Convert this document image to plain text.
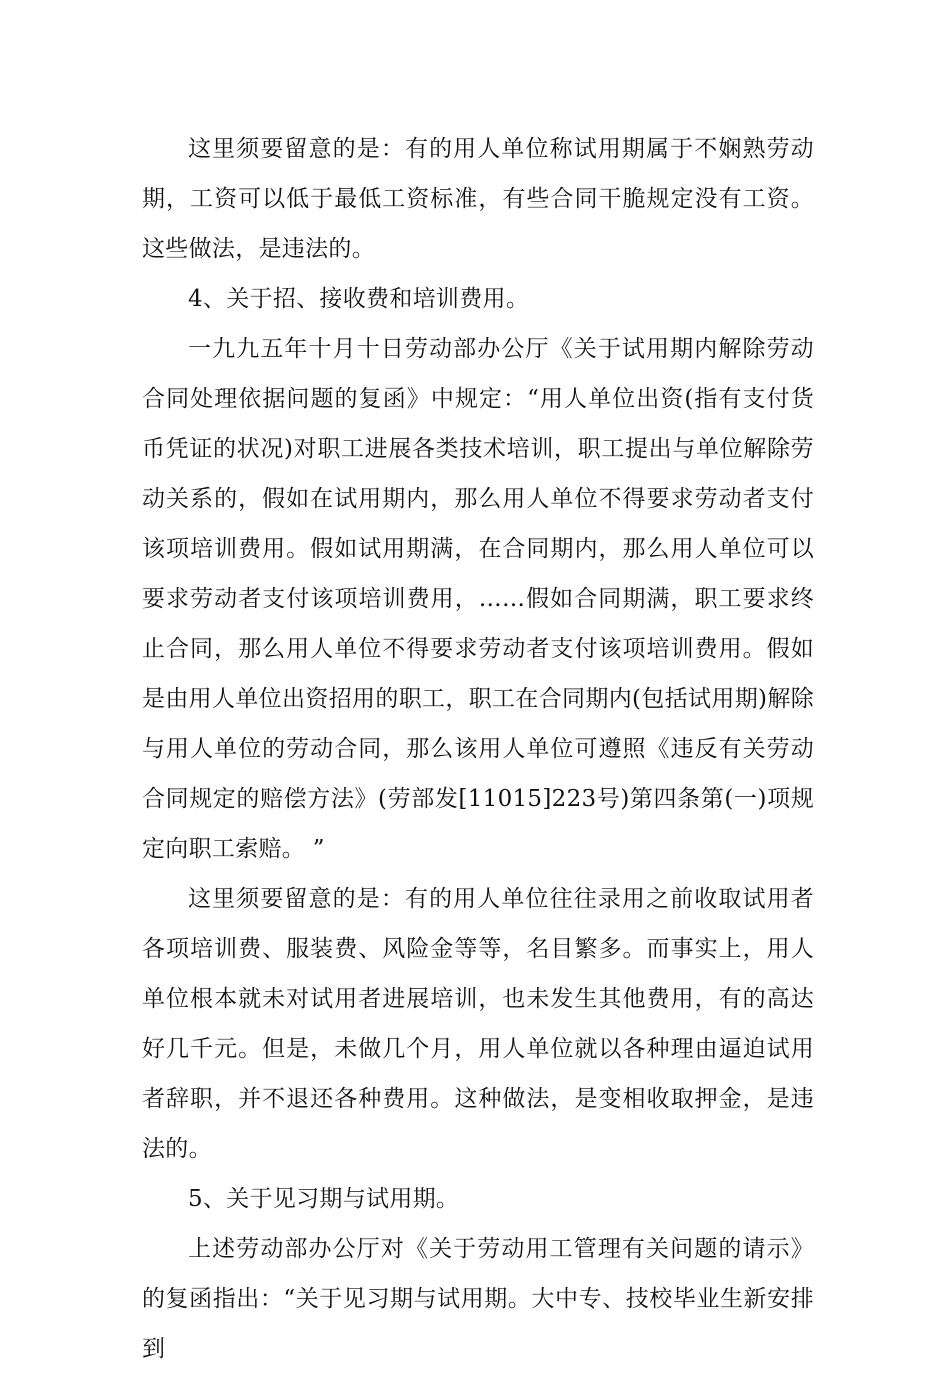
这里须要留意的是：有的用人单位称试用期属于不娴熟劳动期，工资可以低于最低工资标准，有些合同干脆规定没有工资。这些做法，是违法的。

4、关于招、接收费和培训费用。

一九九五年十月十日劳动部办公厅《关于试用期内解除劳动合同处理依据问题的复函》中规定：“用人单位出资(指有支付货币凭证的状况)对职工进展各类技术培训，职工提出与单位解除劳动关系的，假如在试用期内，那么用人单位不得要求劳动者支付该项培训费用。假如试用期满，在合同期内，那么用人单位可以要求劳动者支付该项培训费用，……假如合同期满，职工要求终止合同，那么用人单位不得要求劳动者支付该项培训费用。假如是由用人单位出资招用的职工，职工在合同期内(包括试用期)解除与用人单位的劳动合同，那么该用人单位可遵照《违反有关劳动合同规定的赔偿方法》(劳部发[11015]223号)第四条第(一)项规定向职工索赔。 ”

这里须要留意的是：有的用人单位往往录用之前收取试用者各项培训费、服装费、风险金等等，名目繁多。而事实上，用人单位根本就未对试用者进展培训，也未发生其他费用，有的高达好几千元。但是，未做几个月，用人单位就以各种理由逼迫试用者辞职，并不退还各种费用。这种做法，是变相收取押金，是违法的。

5、关于见习期与试用期。

上述劳动部办公厅对《关于劳动用工管理有关问题的请示》的复函指出：“关于见习期与试用期。大中专、技校毕业生新安排到
